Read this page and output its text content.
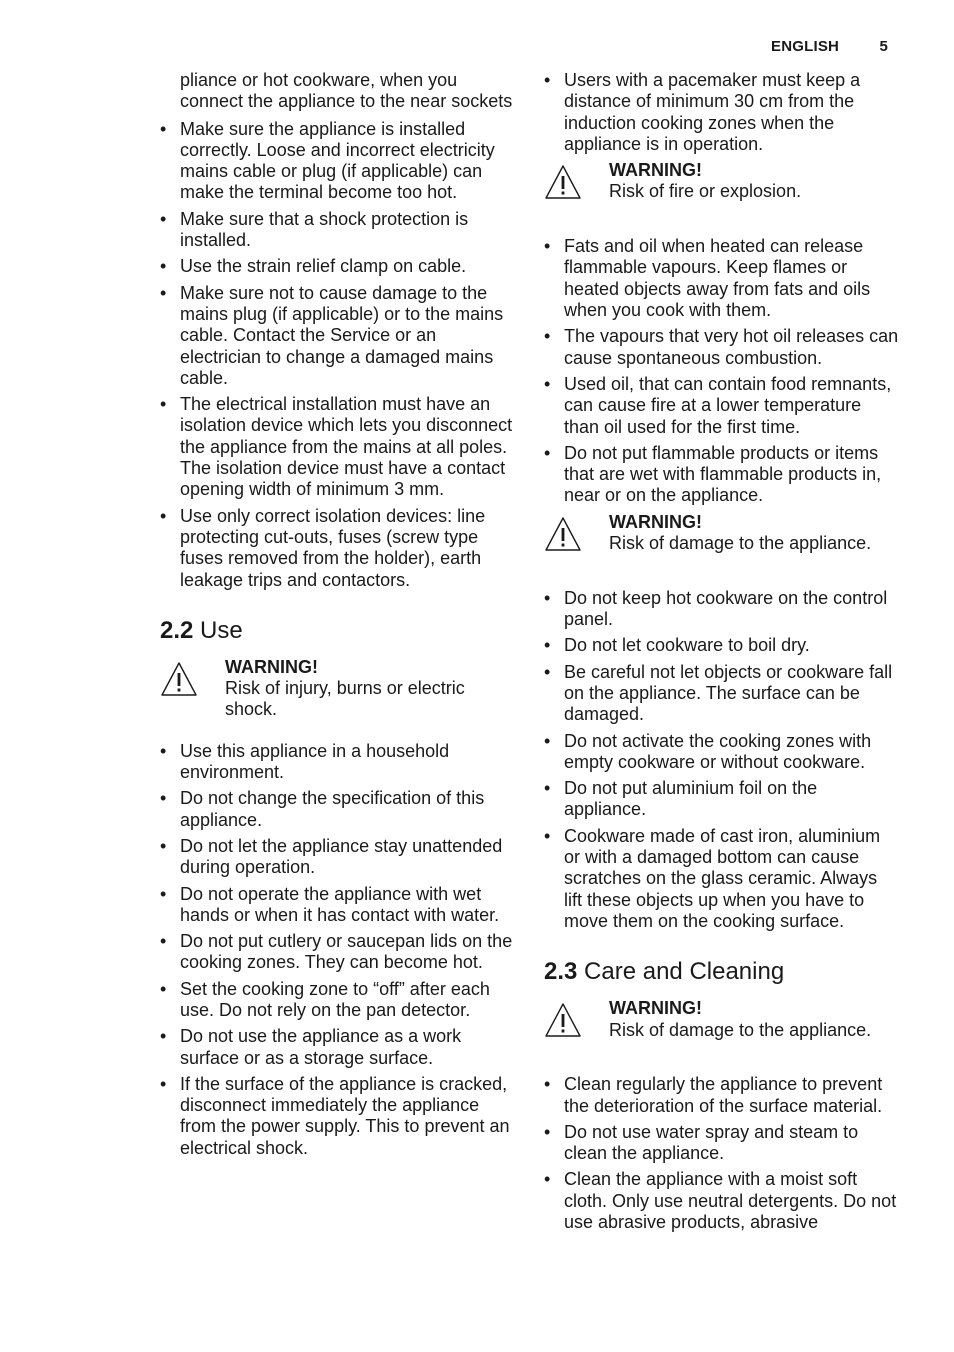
ENGLISH	5

pliance or hot cookware, when you connect the appliance to the near sockets

• Make sure the appliance is installed correctly. Loose and incorrect electricity mains cable or plug (if applicable) can make the terminal become too hot.
• Make sure that a shock protection is installed.
• Use the strain relief clamp on cable.
• Make sure not to cause damage to the mains plug (if applicable) or to the mains cable. Contact the Service or an electrician to change a damaged mains cable.
• The electrical installation must have an isolation device which lets you disconnect the appliance from the mains at all poles. The isolation device must have a contact opening width of minimum 3 mm.
• Use only correct isolation devices: line protecting cut-outs, fuses (screw type fuses removed from the holder), earth leakage trips and contactors.
2.2 Use
WARNING!
Risk of injury, burns or electric shock.
• Use this appliance in a household environment.
• Do not change the specification of this appliance.
• Do not let the appliance stay unattended during operation.
• Do not operate the appliance with wet hands or when it has contact with water.
• Do not put cutlery or saucepan lids on the cooking zones. They can become hot.
• Set the cooking zone to “off” after each use. Do not rely on the pan detector.
• Do not use the appliance as a work surface or as a storage surface.
• If the surface of the appliance is cracked, disconnect immediately the appliance from the power supply. This to prevent an electrical shock.
• Users with a pacemaker must keep a distance of minimum 30 cm from the induction cooking zones when the appliance is in operation.
WARNING!
Risk of fire or explosion.
• Fats and oil when heated can release flammable vapours. Keep flames or heated objects away from fats and oils when you cook with them.
• The vapours that very hot oil releases can cause spontaneous combustion.
• Used oil, that can contain food remnants, can cause fire at a lower temperature than oil used for the first time.
• Do not put flammable products or items that are wet with flammable products in, near or on the appliance.
WARNING!
Risk of damage to the appliance.
• Do not keep hot cookware on the control panel.
• Do not let cookware to boil dry.
• Be careful not let objects or cookware fall on the appliance. The surface can be damaged.
• Do not activate the cooking zones with empty cookware or without cookware.
• Do not put aluminium foil on the appliance.
• Cookware made of cast iron, aluminium or with a damaged bottom can cause scratches on the glass ceramic. Always lift these objects up when you have to move them on the cooking surface.
2.3 Care and Cleaning
WARNING!
Risk of damage to the appliance.
• Clean regularly the appliance to prevent the deterioration of the surface material.
• Do not use water spray and steam to clean the appliance.
• Clean the appliance with a moist soft cloth. Only use neutral detergents. Do not use abrasive products, abrasive
